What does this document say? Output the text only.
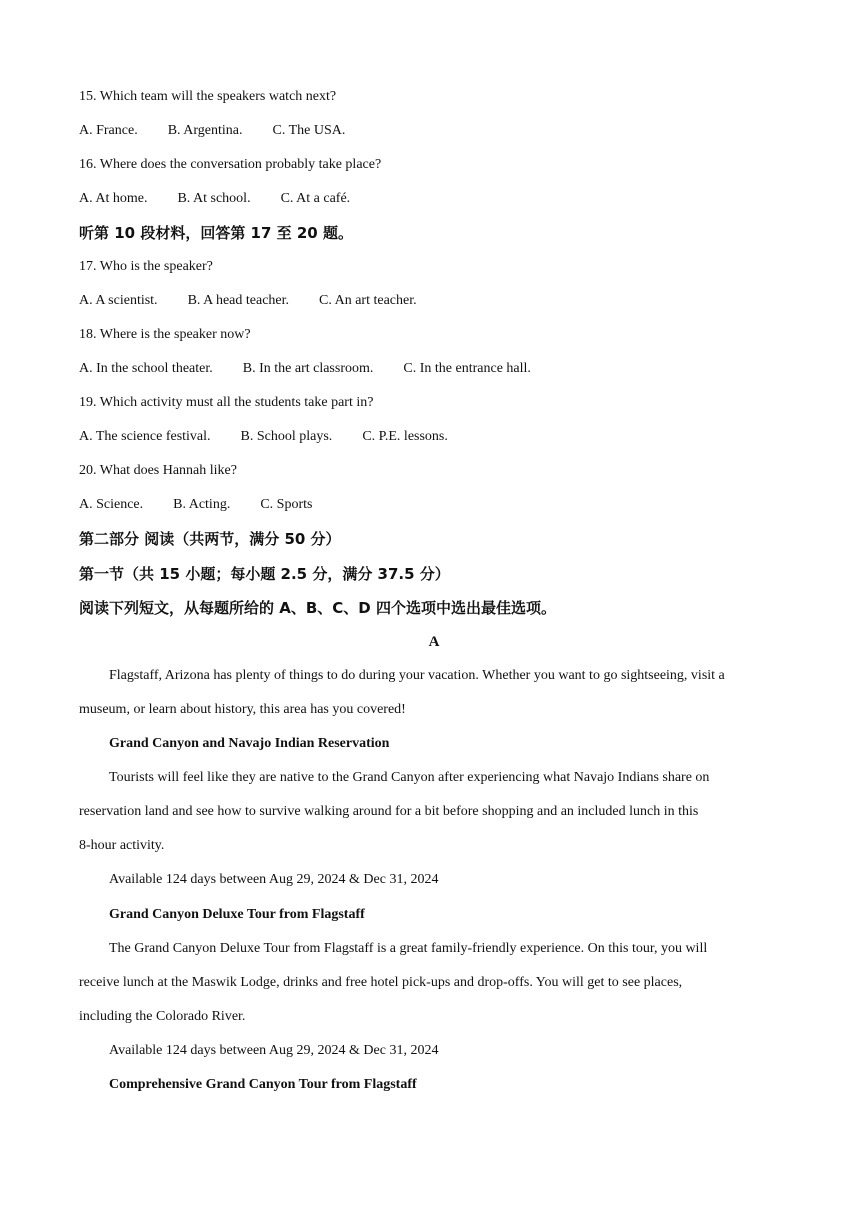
15. Which team will the speakers watch next?
A. France. B. Argentina. C. The USA.
16. Where does the conversation probably take place?
A. At home. B. At school. C. At a café.
听第 10 段材料，回答第 17 至 20 题。
17. Who is the speaker?
A. A scientist. B. A head teacher. C. An art teacher.
18. Where is the speaker now?
A. In the school theater. B. In the art classroom. C. In the entrance hall.
19. Which activity must all the students take part in?
A. The science festival. B. School plays. C. P.E. lessons.
20. What does Hannah like?
A. Science. B. Acting. C. Sports
第二部分 阅读（共两节，满分 50 分）
第一节（共 15 小题；每小题 2.5 分，满分 37.5 分）
阅读下列短文，从每题所给的 A、B、C、D 四个选项中选出最佳选项。
A
Flagstaff, Arizona has plenty of things to do during your vacation. Whether you want to go sightseeing, visit a
museum, or learn about history, this area has you covered!
Grand Canyon and Navajo Indian Reservation
Tourists will feel like they are native to the Grand Canyon after experiencing what Navajo Indians share on
reservation land and see how to survive walking around for a bit before shopping and an included lunch in this
8-hour activity.
Available 124 days between Aug 29, 2024 & Dec 31, 2024
Grand Canyon Deluxe Tour from Flagstaff
The Grand Canyon Deluxe Tour from Flagstaff is a great family-friendly experience. On this tour, you will
receive lunch at the Maswik Lodge, drinks and free hotel pick-ups and drop-offs. You will get to see places,
including the Colorado River.
Available 124 days between Aug 29, 2024 & Dec 31, 2024
Comprehensive Grand Canyon Tour from Flagstaff
